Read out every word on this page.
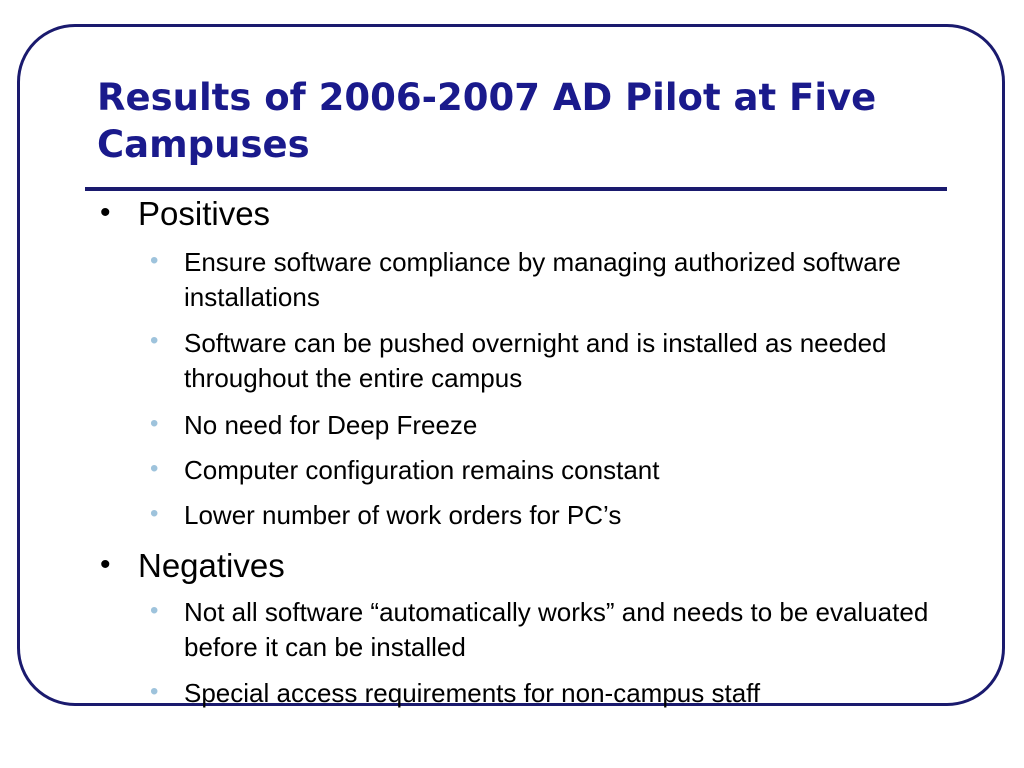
Results of 2006-2007 AD Pilot at Five Campuses
• Positives
• Ensure software compliance by managing authorized software installations
• Software can be pushed overnight and is installed as needed throughout the entire campus
• No need for Deep Freeze
• Computer configuration remains constant
• Lower number of work orders for PC’s
• Negatives
• Not all software “automatically works” and needs to be evaluated before it can be installed
• Special access requirements for non-campus staff
